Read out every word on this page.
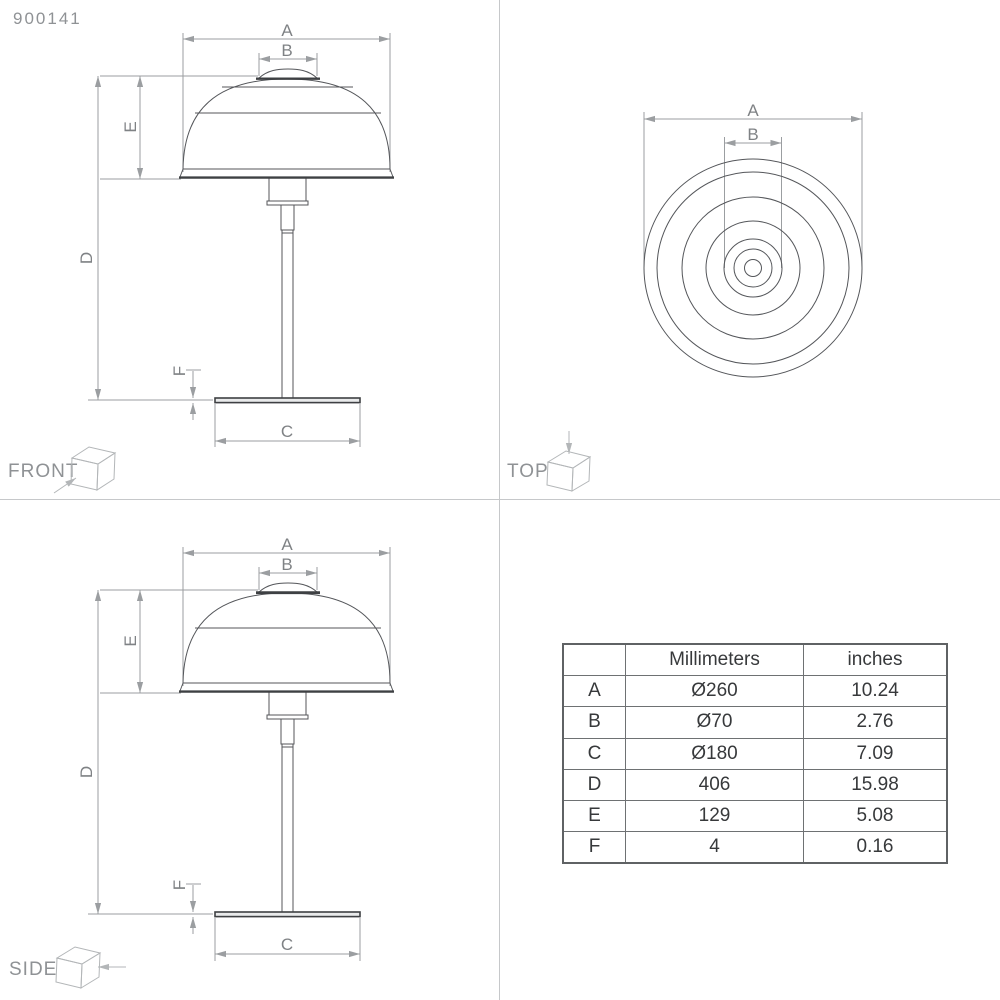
900141
A
B
E
D
F
C
A
B
A
B
E
D
F
C
FRONT	TOP
SIDE
	Millimeters	inches
A	Ø260	10.24
B	Ø70	2.76
C	Ø180	7.09
D	406	15.98
E	129	5.08
F	4	0.16
